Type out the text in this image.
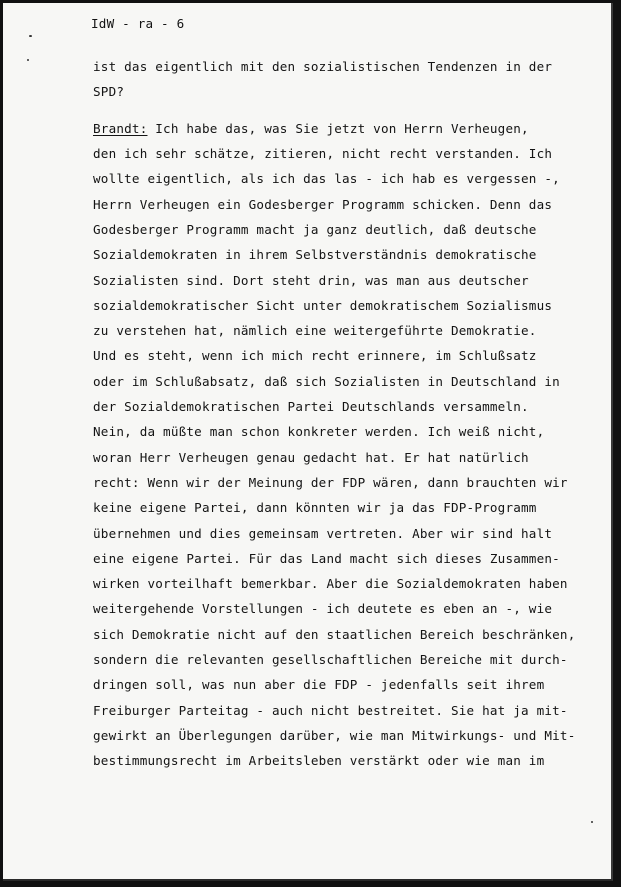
IdW - ra - 6
ist das eigentlich mit den sozialistischen Tendenzen in der
SPD?
Brandt: Ich habe das, was Sie jetzt von Herrn Verheugen,
den ich sehr schätze, zitieren, nicht recht verstanden. Ich
wollte eigentlich, als ich das las - ich hab es vergessen -,
Herrn Verheugen ein Godesberger Programm schicken. Denn das
Godesberger Programm macht ja ganz deutlich, daß deutsche
Sozialdemokraten in ihrem Selbstverständnis demokratische
Sozialisten sind. Dort steht drin, was man aus deutscher
sozialdemokratischer Sicht unter demokratischem Sozialismus
zu verstehen hat, nämlich eine weitergeführte Demokratie.
Und es steht, wenn ich mich recht erinnere, im Schlußsatz
oder im Schlußabsatz, daß sich Sozialisten in Deutschland in
der Sozialdemokratischen Partei Deutschlands versammeln.
Nein, da müßte man schon konkreter werden. Ich weiß nicht,
woran Herr Verheugen genau gedacht hat. Er hat natürlich
recht: Wenn wir der Meinung der FDP wären, dann brauchten wir
keine eigene Partei, dann könnten wir ja das FDP-Programm
übernehmen und dies gemeinsam vertreten. Aber wir sind halt
eine eigene Partei. Für das Land macht sich dieses Zusammen-
wirken vorteilhaft bemerkbar. Aber die Sozialdemokraten haben
weitergehende Vorstellungen - ich deutete es eben an -, wie
sich Demokratie nicht auf den staatlichen Bereich beschränken,
sondern die relevanten gesellschaftlichen Bereiche mit durch-
dringen soll, was nun aber die FDP - jedenfalls seit ihrem
Freiburger Parteitag - auch nicht bestreitet. Sie hat ja mit-
gewirkt an Überlegungen darüber, wie man Mitwirkungs- und Mit-
bestimmungsrecht im Arbeitsleben verstärkt oder wie man im
